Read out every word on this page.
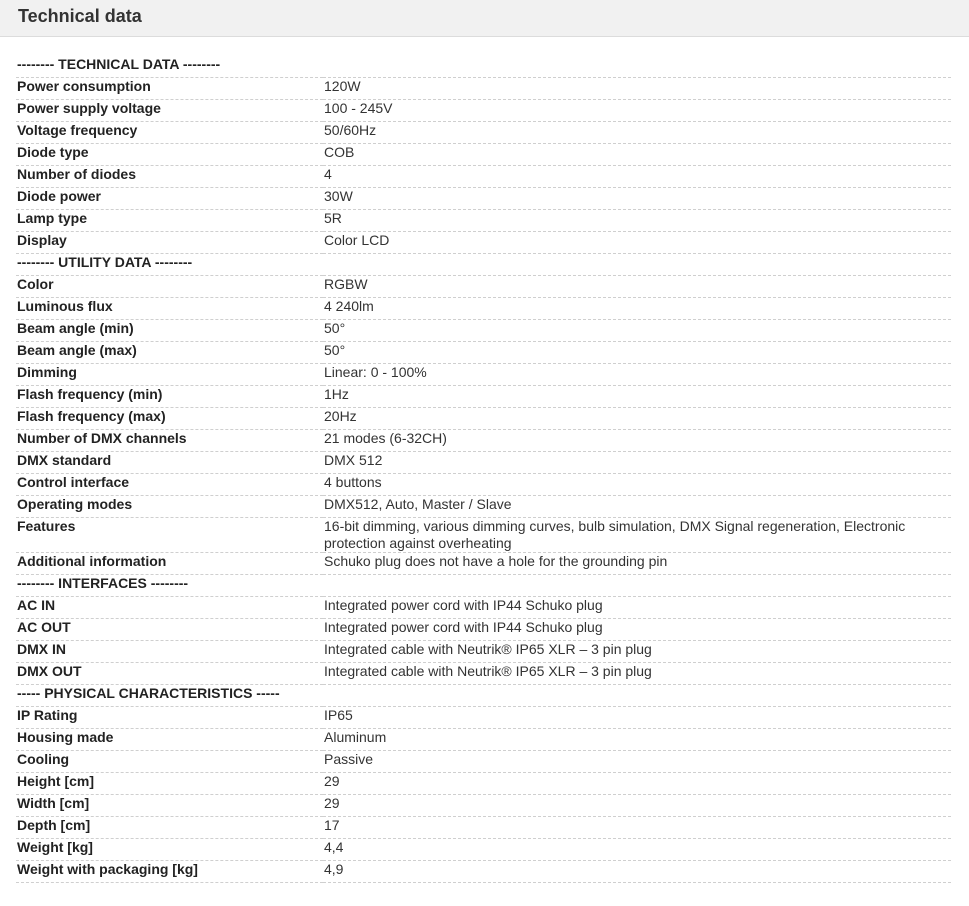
Technical data
-------- TECHNICAL DATA --------	
Power consumption	120W
Power supply voltage	100 - 245V
Voltage frequency	50/60Hz
Diode type	COB
Number of diodes	4
Diode power	30W
Lamp type	5R
Display	Color LCD
-------- UTILITY DATA --------	
Color	RGBW
Luminous flux	4 240lm
Beam angle (min)	50°
Beam angle (max)	50°
Dimming	Linear: 0 - 100%
Flash frequency (min)	1Hz
Flash frequency (max)	20Hz
Number of DMX channels	21 modes (6-32CH)
DMX standard	DMX 512
Control interface	4 buttons
Operating modes	DMX512, Auto, Master / Slave
Features	16-bit dimming, various dimming curves, bulb simulation, DMX Signal regeneration, Electronic protection against overheating
Additional information	Schuko plug does not have a hole for the grounding pin
-------- INTERFACES --------	
AC IN	Integrated power cord with IP44 Schuko plug
AC OUT	Integrated power cord with IP44 Schuko plug
DMX IN	Integrated cable with Neutrik® IP65 XLR – 3 pin plug
DMX OUT	Integrated cable with Neutrik® IP65 XLR – 3 pin plug
----- PHYSICAL CHARACTERISTICS -----	
IP Rating	IP65
Housing made	Aluminum
Cooling	Passive
Height [cm]	29
Width [cm]	29
Depth [cm]	17
Weight [kg]	4,4
Weight with packaging [kg]	4,9
